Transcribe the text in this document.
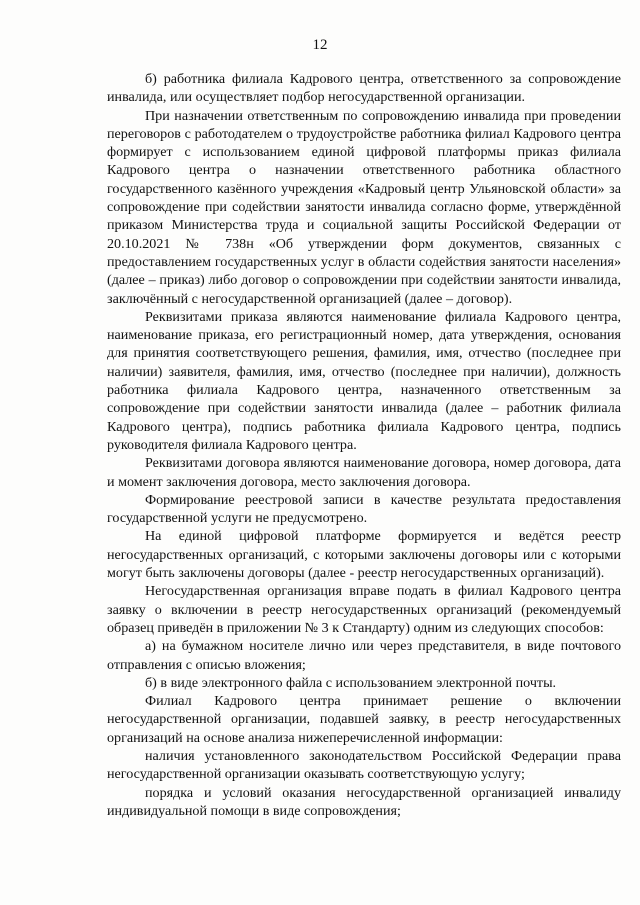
12

б) работника филиала Кадрового центра, ответственного за сопровождение инвалида, или осуществляет подбор негосударственной организации.

При назначении ответственным по сопровождению инвалида при проведении переговоров с работодателем о трудоустройстве работника филиал Кадрового центра формирует с использованием единой цифровой платформы приказ филиала Кадрового центра о назначении ответственного работника областного государственного казённого учреждения «Кадровый центр Ульяновской области» за сопровождение при содействии занятости инвалида согласно форме, утверждённой приказом Министерства труда и социальной защиты Российской Федерации от 20.10.2021 № 738н «Об утверждении форм документов, связанных с предоставлением государственных услуг в области содействия занятости населения» (далее – приказ) либо договор о сопровождении при содействии занятости инвалида, заключённый с негосударственной организацией (далее – договор).

Реквизитами приказа являются наименование филиала Кадрового центра, наименование приказа, его регистрационный номер, дата утверждения, основания для принятия соответствующего решения, фамилия, имя, отчество (последнее при наличии) заявителя, фамилия, имя, отчество (последнее при наличии), должность работника филиала Кадрового центра, назначенного ответственным за сопровождение при содействии занятости инвалида (далее – работник филиала Кадрового центра), подпись работника филиала Кадрового центра, подпись руководителя филиала Кадрового центра.

Реквизитами договора являются наименование договора, номер договора, дата и момент заключения договора, место заключения договора.

Формирование реестровой записи в качестве результата предоставления государственной услуги не предусмотрено.

На единой цифровой платформе формируется и ведётся реестр негосударственных организаций, с которыми заключены договоры или с которыми могут быть заключены договоры (далее - реестр негосударственных организаций).

Негосударственная организация вправе подать в филиал Кадрового центра заявку о включении в реестр негосударственных организаций (рекомендуемый образец приведён в приложении № 3 к Стандарту) одним из следующих способов:

а) на бумажном носителе лично или через представителя, в виде почтового отправления с описью вложения;

б) в виде электронного файла с использованием электронной почты.

Филиал Кадрового центра принимает решение о включении негосударственной организации, подавшей заявку, в реестр негосударственных организаций на основе анализа нижеперечисленной информации:

наличия установленного законодательством Российской Федерации права негосударственной организации оказывать соответствующую услугу;

порядка и условий оказания негосударственной организацией инвалиду индивидуальной помощи в виде сопровождения;
